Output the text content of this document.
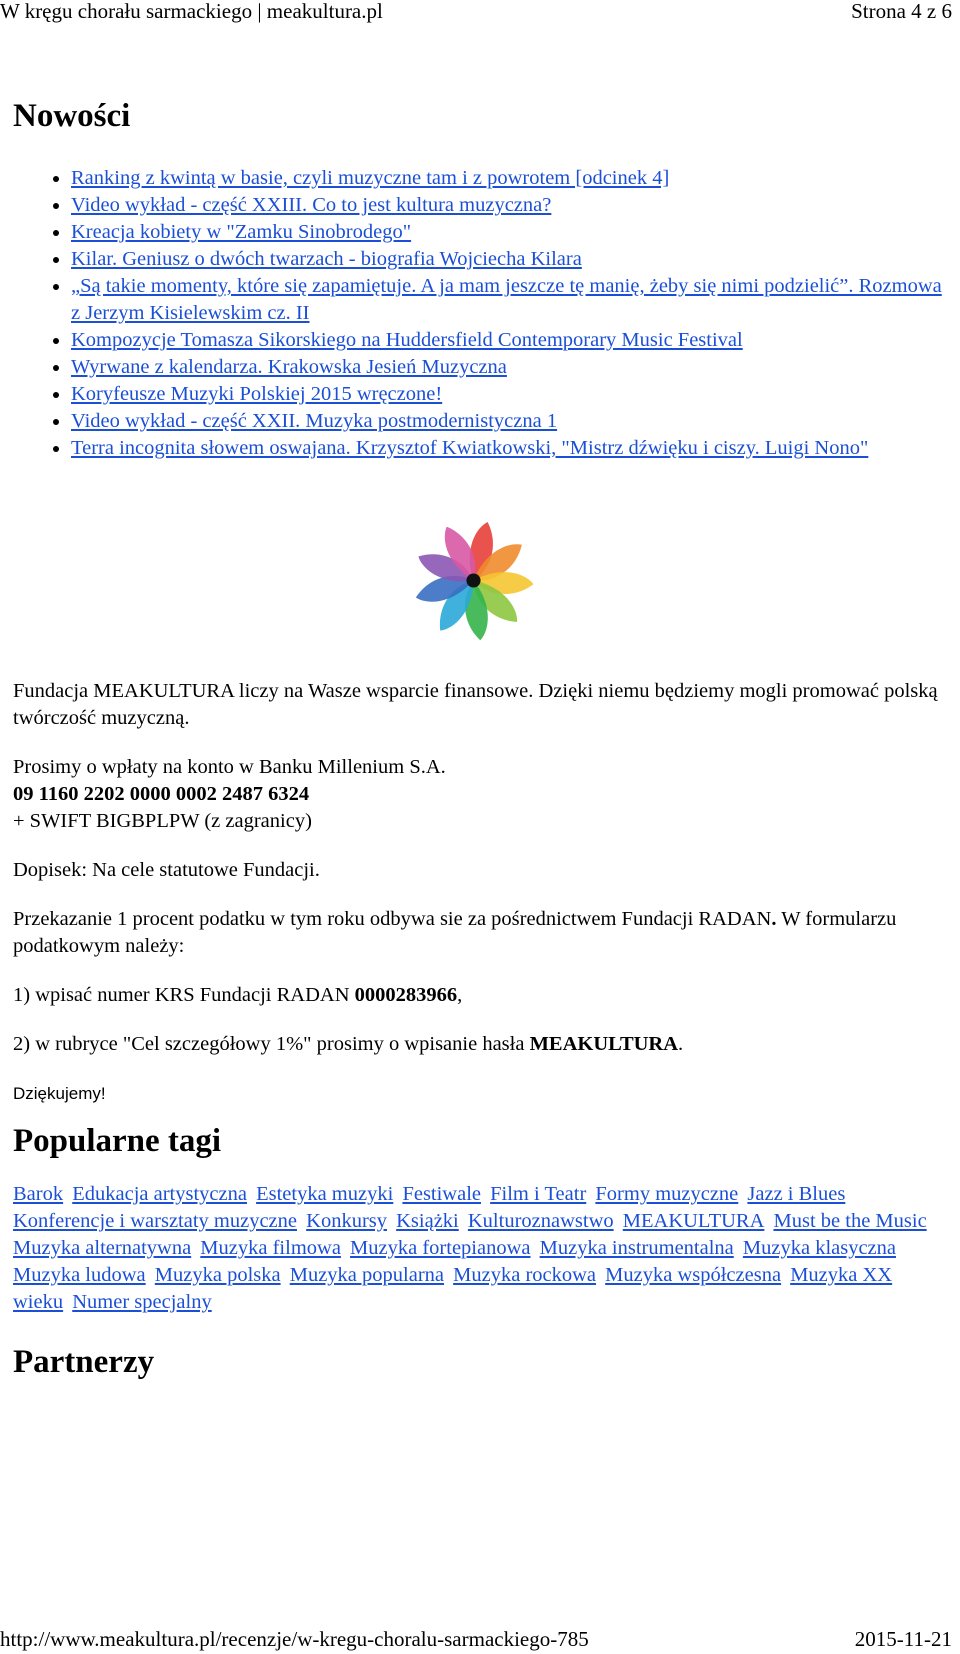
W kręgu chorału sarmackiego | meakultura.pl	Strona 4 z 6
Nowości
• Ranking z kwintą w basie, czyli muzyczne tam i z powrotem [odcinek 4]
• Video wykład - część XXIII. Co to jest kultura muzyczna?
• Kreacja kobiety w "Zamku Sinobrodego"
• Kilar. Geniusz o dwóch twarzach - biografia Wojciecha Kilara
• „Są takie momenty, które się zapamiętuje. A ja mam jeszcze tę manię, żeby się nimi podzielić”. Rozmowa z Jerzym Kisielewskim cz. II
• Kompozycje Tomasza Sikorskiego na Huddersfield Contemporary Music Festival
• Wyrwane z kalendarza. Krakowska Jesień Muzyczna
• Koryfeusze Muzyki Polskiej 2015 wręczone!
• Video wykład - część XXII. Muzyka postmodernistyczna 1
• Terra incognita słowem oswajana. Krzysztof Kwiatkowski, "Mistrz dźwięku i ciszy. Luigi Nono"

Fundacja MEAKULTURA liczy na Wasze wsparcie finansowe. Dzięki niemu będziemy mogli promować polską twórczość muzyczną.

Prosimy o wpłaty na konto w Banku Millenium S.A.
09 1160 2202 0000 0002 2487 6324
+ SWIFT BIGBPLPW (z zagranicy)

Dopisek: Na cele statutowe Fundacji.

Przekazanie 1 procent podatku w tym roku odbywa sie za pośrednictwem Fundacji RADAN. W formularzu podatkowym należy:

1) wpisać numer KRS Fundacji RADAN 0000283966,

2) w rubryce "Cel szczegółowy 1%" prosimy o wpisanie hasła MEAKULTURA.

Dziękujemy!

Popularne tagi
Barok Edukacja artystyczna Estetyka muzyki Festiwale Film i Teatr Formy muzyczne Jazz i Blues Konferencje i warsztaty muzyczne Konkursy Książki Kulturoznawstwo MEAKULTURA Must be the Music Muzyka alternatywna Muzyka filmowa Muzyka fortepianowa Muzyka instrumentalna Muzyka klasyczna Muzyka ludowa Muzyka polska Muzyka popularna Muzyka rockowa Muzyka współczesna Muzyka XX wieku Numer specjalny
Partnerzy
http://www.meakultura.pl/recenzje/w-kregu-choralu-sarmackiego-785	2015-11-21
